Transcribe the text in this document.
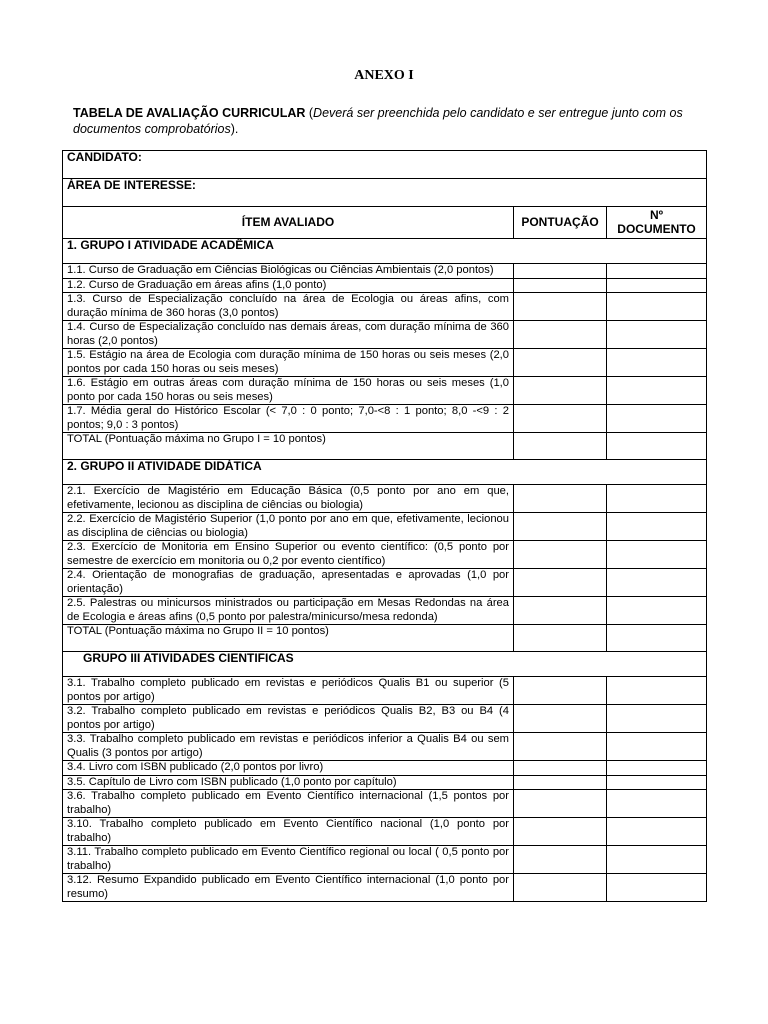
ANEXO I
TABELA DE AVALIAÇÃO CURRICULAR (Deverá ser preenchida pelo candidato e ser entregue junto com os documentos comprobatórios).
CANDIDATO:		
ÁREA DE INTERESSE:		
ÍTEM AVALIADO	PONTUAÇÃO	Nº
DOCUMENTO
1. GRUPO I ATIVIDADE ACADÊMICA		
1.1. Curso de Graduação em Ciências Biológicas ou Ciências Ambientais (2,0 pontos)		
1.2. Curso de Graduação em áreas afins (1,0 ponto)		
1.3. Curso de Especialização concluído na área de Ecologia ou áreas afins, com duração mínima de 360 horas (3,0 pontos)		
1.4. Curso de Especialização concluído nas demais áreas, com duração mínima de 360 horas (2,0 pontos)		
1.5. Estágio na área de Ecologia com duração mínima de 150 horas ou seis meses (2,0 pontos por cada 150 horas ou seis meses)		
1.6. Estágio em outras áreas com duração mínima de 150 horas ou seis meses (1,0 ponto por cada 150 horas ou seis meses)		
1.7. Média geral do Histórico Escolar (< 7,0 : 0 ponto; 7,0-<8 : 1 ponto; 8,0 -<9 : 2 pontos; 9,0 : 3 pontos)		
TOTAL (Pontuação máxima no Grupo I = 10 pontos)		
2. GRUPO II ATIVIDADE DIDÁTICA		
2.1. Exercício de Magistério em Educação Básica (0,5 ponto por ano em que, efetivamente, lecionou as disciplina de ciências ou biologia)		
2.2. Exercício de Magistério Superior (1,0 ponto por ano em que, efetivamente, lecionou as disciplina de ciências ou biologia)		
2.3. Exercício de Monitoria em Ensino Superior ou evento científico: (0,5 ponto por semestre de exercício em monitoria ou 0,2 por evento científico)		
2.4. Orientação de monografias de graduação, apresentadas e aprovadas (1,0 por orientação)		
2.5. Palestras ou minicursos ministrados ou participação em Mesas Redondas na área de Ecologia e áreas afins (0,5 ponto por palestra/minicurso/mesa redonda)		
TOTAL (Pontuação máxima no Grupo II = 10 pontos)		
GRUPO III ATIVIDADES CIENTIFICAS		
3.1. Trabalho completo publicado em revistas e periódicos Qualis B1 ou superior (5 pontos por artigo)		
3.2. Trabalho completo publicado em revistas e periódicos Qualis B2, B3 ou B4 (4 pontos por artigo)		
3.3. Trabalho completo publicado em revistas e periódicos inferior a Qualis B4 ou sem Qualis (3 pontos por artigo)		
3.4. Livro com ISBN publicado (2,0 pontos por livro)		
3.5. Capítulo de Livro com ISBN publicado (1,0 ponto por capítulo)		
3.6. Trabalho completo publicado em Evento Científico internacional (1,5 pontos por trabalho)		
3.10. Trabalho completo publicado em Evento Científico nacional (1,0 ponto por trabalho)		
3.11. Trabalho completo publicado em Evento Científico regional ou local ( 0,5 ponto por trabalho)		
3.12. Resumo Expandido publicado em Evento Científico internacional (1,0 ponto por resumo)		
